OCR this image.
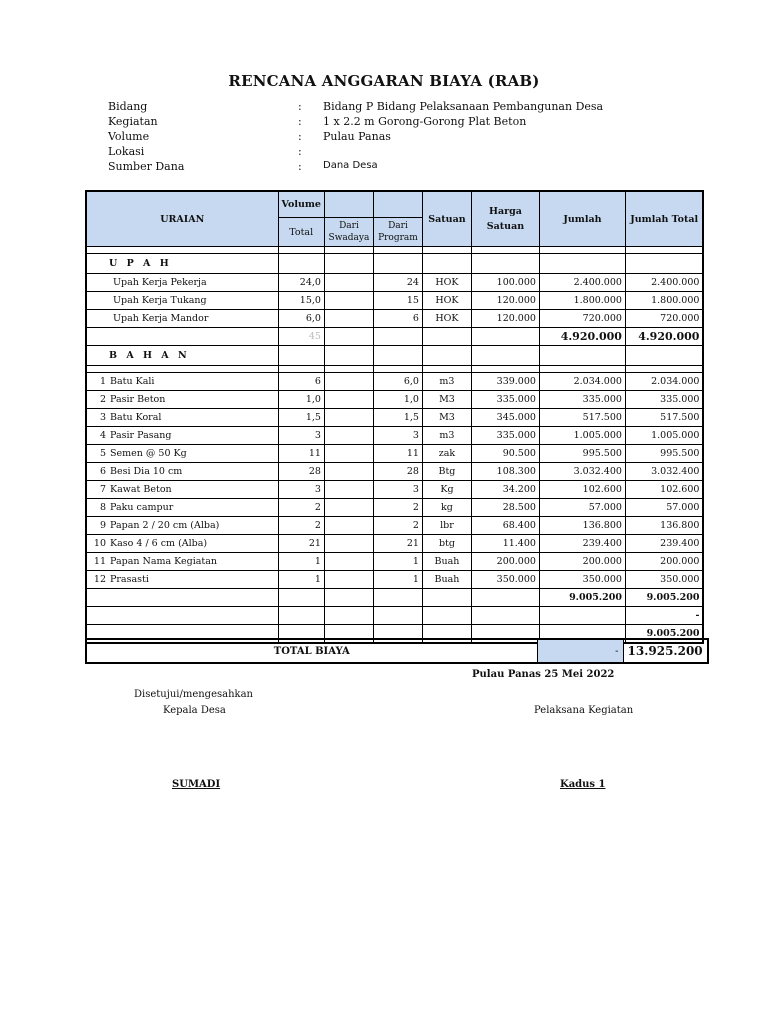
RENCANA ANGGARAN BIAYA (RAB)
Bidang	: Bidang P Bidang Pelaksanaan Pembangunan Desa
Kegiatan	: 1 x 2.2 m Gorong-Gorong Plat Beton
Volume	: Pulau Panas
Lokasi	:
Sumber Dana	: Dana Desa
URAIAN	Volume			Satuan	Harga Satuan	Jumlah	Jumlah Total
	Total	Dari Swadaya	Dari Program				

U P A H							
Upah Kerja Pekerja	24,0		24	HOK	100.000	2.400.000	2.400.000
Upah Kerja Tukang	15,0		15	HOK	120.000	1.800.000	1.800.000
Upah Kerja Mandor	6,0		6	HOK	120.000	720.000	720.000
	45					4.920.000	4.920.000
B A H A N							

1 Batu Kali	6		6,0	m3	339.000	2.034.000	2.034.000
2 Pasir Beton	1,0		1,0	M3	335.000	335.000	335.000
3 Batu Koral	1,5		1,5	M3	345.000	517.500	517.500
4 Pasir Pasang	3		3	m3	335.000	1.005.000	1.005.000
5 Semen @ 50 Kg	11		11	zak	90.500	995.500	995.500
6 Besi Dia 10 cm	28		28	Btg	108.300	3.032.400	3.032.400
7 Kawat Beton	3		3	Kg	34.200	102.600	102.600
8 Paku campur	2		2	kg	28.500	57.000	57.000
9 Papan 2 / 20 cm (Alba)	2		2	lbr	68.400	136.800	136.800
10 Kaso 4 / 6 cm (Alba)	21		21	btg	11.400	239.400	239.400
11 Papan Nama Kegiatan	1		1	Buah	200.000	200.000	200.000
12 Prasasti	1		1	Buah	350.000	350.000	350.000
						9.005.200	9.005.200
							-
							9.005.200
TOTAL BIAYA	-	13.925.200
Pulau Panas 25 Mei 2022
Disetujui/mengesahkan
Kepala Desa	Pelaksana Kegiatan
SUMADI	Kadus 1
